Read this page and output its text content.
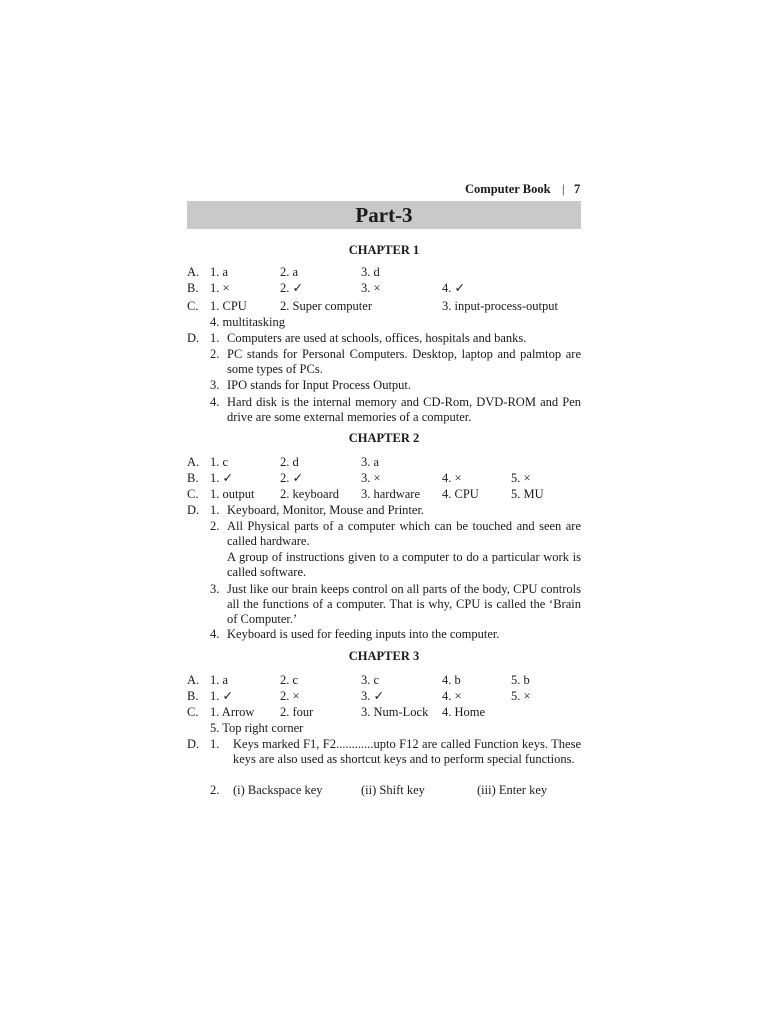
Computer Book | 7
Part-3
CHAPTER 1
A. 1. a	2. a	3. d
B. 1. ×	2. ✓	3. ×	4. ✓
C. 1. CPU	2. Super computer	3. input-process-output
4. multitasking
D. 1. Computers are used at schools, offices, hospitals and banks.
2. PC stands for Personal Computers. Desktop, laptop and palmtop are some types of PCs.
3. IPO stands for Input Process Output.
4. Hard disk is the internal memory and CD-Rom, DVD-ROM and Pen drive are some external memories of a computer.
CHAPTER 2
A. 1. c	2. d	3. a
B. 1. ✓	2. ✓	3. ×	4. ×	5. ×
C. 1. output 2. keyboard 3. hardware 4. CPU	5. MU
D. 1. Keyboard, Monitor, Mouse and Printer.
2. All Physical parts of a computer which can be touched and seen are called hardware.
A group of instructions given to a computer to do a particular work is called software.
3. Just like our brain keeps control on all parts of the body, CPU controls all the functions of a computer. That is why, CPU is called the ‘Brain of Computer.’
4. Keyboard is used for feeding inputs into the computer.
CHAPTER 3
A. 1. a	2. c	3. c	4. b	5. b
B. 1. ✓	2. ×	3. ✓	4. ×	5. ×
C. 1. Arrow 2. four	3. Num-Lock 4. Home
5. Top right corner
D. 1. Keys marked F1, F2............upto F12 are called Function keys. These keys are also used as shortcut keys and to perform special functions.
2. (i) Backspace key	(ii) Shift key	(iii) Enter key
